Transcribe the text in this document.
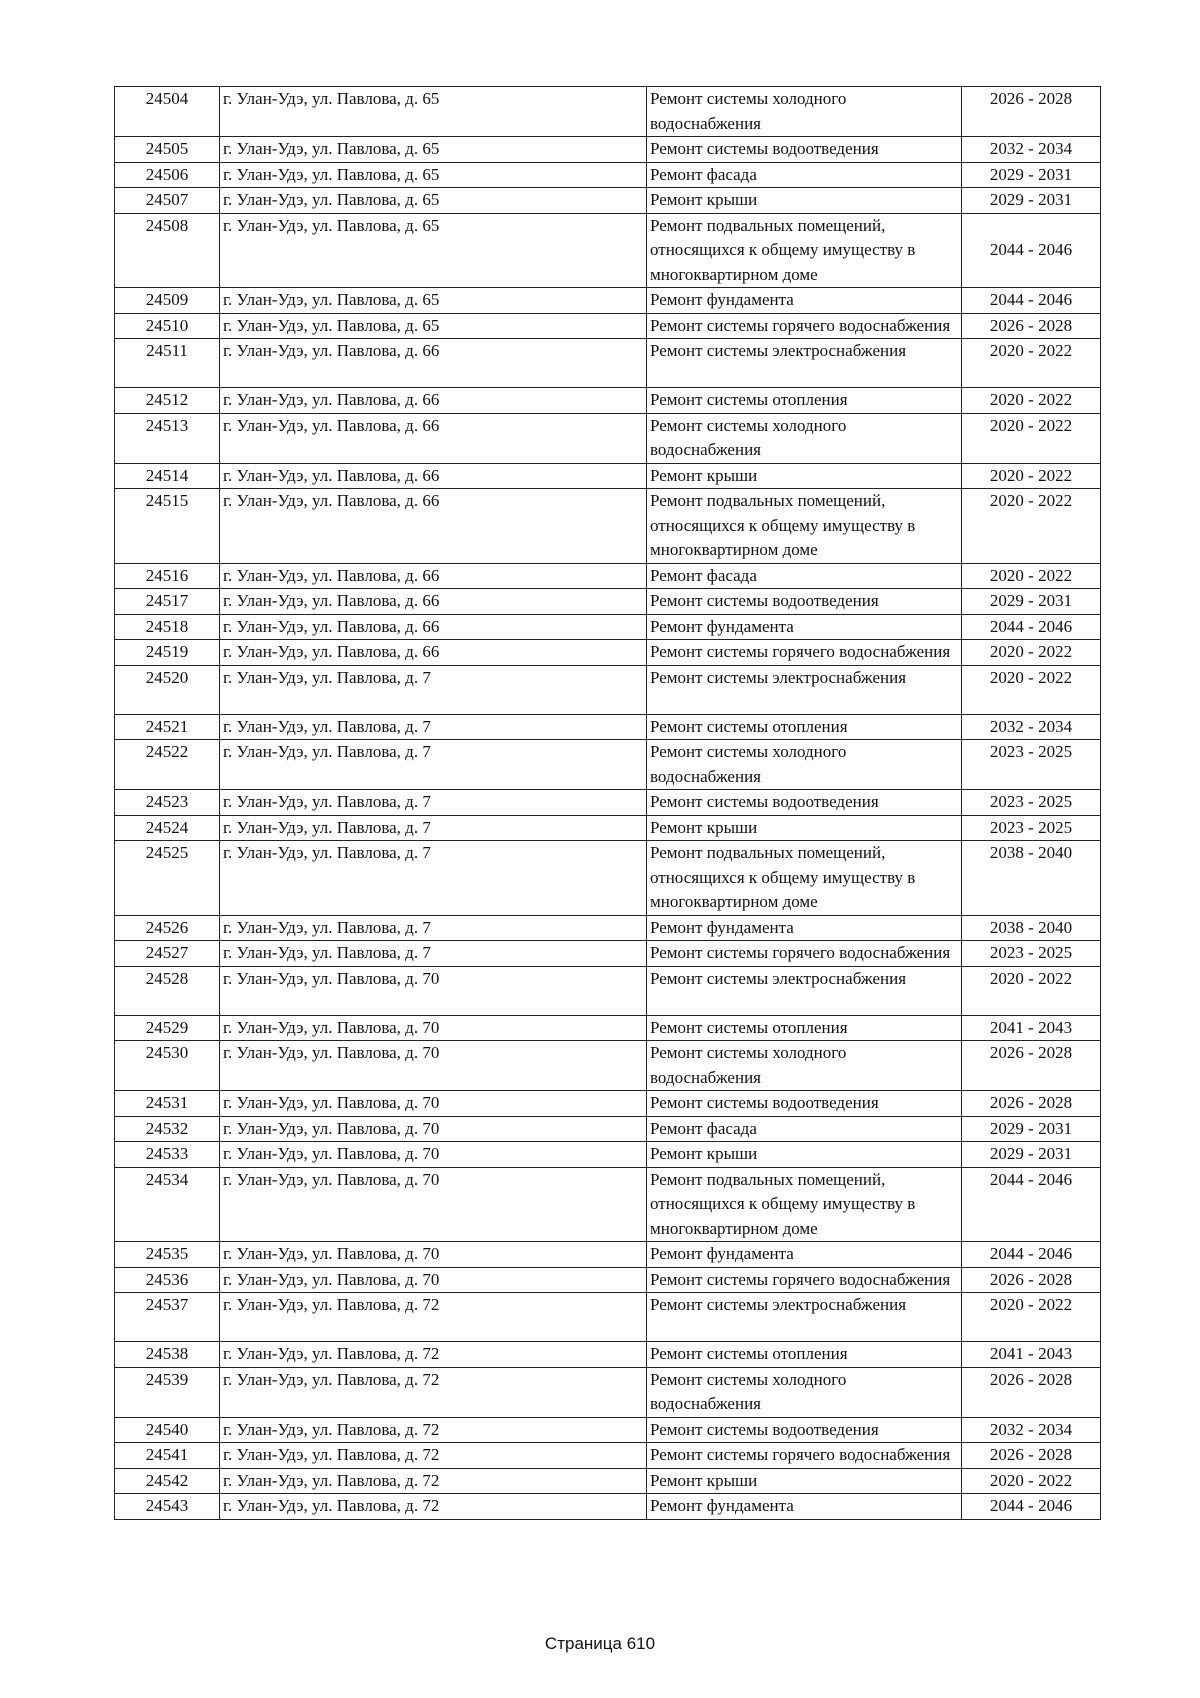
24504	г. Улан-Удэ, ул. Павлова, д. 65	Ремонт системы холодного водоснабжения	2026 - 2028
24505	г. Улан-Удэ, ул. Павлова, д. 65	Ремонт системы водоотведения	2032 - 2034
24506	г. Улан-Удэ, ул. Павлова, д. 65	Ремонт фасада	2029 - 2031
24507	г. Улан-Удэ, ул. Павлова, д. 65	Ремонт крыши	2029 - 2031
24508	г. Улан-Удэ, ул. Павлова, д. 65	Ремонт подвальных помещений, относящихся к общему имуществу в многоквартирном доме	2044 - 2046
24509	г. Улан-Удэ, ул. Павлова, д. 65	Ремонт фундамента	2044 - 2046
24510	г. Улан-Удэ, ул. Павлова, д. 65	Ремонт системы горячего водоснабжения	2026 - 2028
24511	г. Улан-Удэ, ул. Павлова, д. 66	Ремонт системы электроснабжения	2020 - 2022
24512	г. Улан-Удэ, ул. Павлова, д. 66	Ремонт системы отопления	2020 - 2022
24513	г. Улан-Удэ, ул. Павлова, д. 66	Ремонт системы холодного водоснабжения	2020 - 2022
24514	г. Улан-Удэ, ул. Павлова, д. 66	Ремонт крыши	2020 - 2022
24515	г. Улан-Удэ, ул. Павлова, д. 66	Ремонт подвальных помещений, относящихся к общему имуществу в многоквартирном доме	2020 - 2022
24516	г. Улан-Удэ, ул. Павлова, д. 66	Ремонт фасада	2020 - 2022
24517	г. Улан-Удэ, ул. Павлова, д. 66	Ремонт системы водоотведения	2029 - 2031
24518	г. Улан-Удэ, ул. Павлова, д. 66	Ремонт фундамента	2044 - 2046
24519	г. Улан-Удэ, ул. Павлова, д. 66	Ремонт системы горячего водоснабжения	2020 - 2022
24520	г. Улан-Удэ, ул. Павлова, д. 7	Ремонт системы электроснабжения	2020 - 2022
24521	г. Улан-Удэ, ул. Павлова, д. 7	Ремонт системы отопления	2032 - 2034
24522	г. Улан-Удэ, ул. Павлова, д. 7	Ремонт системы холодного водоснабжения	2023 - 2025
24523	г. Улан-Удэ, ул. Павлова, д. 7	Ремонт системы водоотведения	2023 - 2025
24524	г. Улан-Удэ, ул. Павлова, д. 7	Ремонт крыши	2023 - 2025
24525	г. Улан-Удэ, ул. Павлова, д. 7	Ремонт подвальных помещений, относящихся к общему имуществу в многоквартирном доме	2038 - 2040
24526	г. Улан-Удэ, ул. Павлова, д. 7	Ремонт фундамента	2038 - 2040
24527	г. Улан-Удэ, ул. Павлова, д. 7	Ремонт системы горячего водоснабжения	2023 - 2025
24528	г. Улан-Удэ, ул. Павлова, д. 70	Ремонт системы электроснабжения	2020 - 2022
24529	г. Улан-Удэ, ул. Павлова, д. 70	Ремонт системы отопления	2041 - 2043
24530	г. Улан-Удэ, ул. Павлова, д. 70	Ремонт системы холодного водоснабжения	2026 - 2028
24531	г. Улан-Удэ, ул. Павлова, д. 70	Ремонт системы водоотведения	2026 - 2028
24532	г. Улан-Удэ, ул. Павлова, д. 70	Ремонт фасада	2029 - 2031
24533	г. Улан-Удэ, ул. Павлова, д. 70	Ремонт крыши	2029 - 2031
24534	г. Улан-Удэ, ул. Павлова, д. 70	Ремонт подвальных помещений, относящихся к общему имуществу в многоквартирном доме	2044 - 2046
24535	г. Улан-Удэ, ул. Павлова, д. 70	Ремонт фундамента	2044 - 2046
24536	г. Улан-Удэ, ул. Павлова, д. 70	Ремонт системы горячего водоснабжения	2026 - 2028
24537	г. Улан-Удэ, ул. Павлова, д. 72	Ремонт системы электроснабжения	2020 - 2022
24538	г. Улан-Удэ, ул. Павлова, д. 72	Ремонт системы отопления	2041 - 2043
24539	г. Улан-Удэ, ул. Павлова, д. 72	Ремонт системы холодного водоснабжения	2026 - 2028
24540	г. Улан-Удэ, ул. Павлова, д. 72	Ремонт системы водоотведения	2032 - 2034
24541	г. Улан-Удэ, ул. Павлова, д. 72	Ремонт системы горячего водоснабжения	2026 - 2028
24542	г. Улан-Удэ, ул. Павлова, д. 72	Ремонт крыши	2020 - 2022
24543	г. Улан-Удэ, ул. Павлова, д. 72	Ремонт фундамента	2044 - 2046
Страница 610
